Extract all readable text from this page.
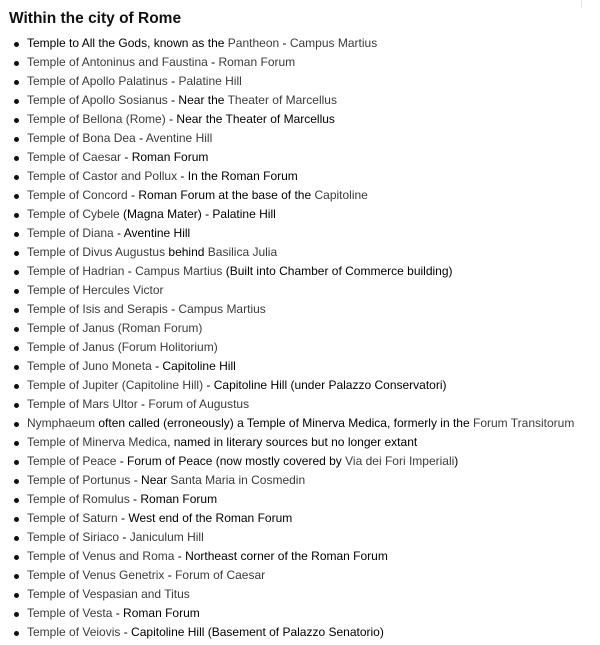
Within the city of Rome
Temple to All the Gods, known as the Pantheon - Campus Martius
Temple of Antoninus and Faustina - Roman Forum
Temple of Apollo Palatinus - Palatine Hill
Temple of Apollo Sosianus - Near the Theater of Marcellus
Temple of Bellona (Rome) - Near the Theater of Marcellus
Temple of Bona Dea - Aventine Hill
Temple of Caesar - Roman Forum
Temple of Castor and Pollux - In the Roman Forum
Temple of Concord - Roman Forum at the base of the Capitoline
Temple of Cybele (Magna Mater) - Palatine Hill
Temple of Diana - Aventine Hill
Temple of Divus Augustus behind Basilica Julia
Temple of Hadrian - Campus Martius (Built into Chamber of Commerce building)
Temple of Hercules Victor
Temple of Isis and Serapis - Campus Martius
Temple of Janus (Roman Forum)
Temple of Janus (Forum Holitorium)
Temple of Juno Moneta - Capitoline Hill
Temple of Jupiter (Capitoline Hill) - Capitoline Hill (under Palazzo Conservatori)
Temple of Mars Ultor - Forum of Augustus
Nymphaeum often called (erroneously) a Temple of Minerva Medica, formerly in the Forum Transitorum
Temple of Minerva Medica, named in literary sources but no longer extant
Temple of Peace - Forum of Peace (now mostly covered by Via dei Fori Imperiali)
Temple of Portunus - Near Santa Maria in Cosmedin
Temple of Romulus - Roman Forum
Temple of Saturn - West end of the Roman Forum
Temple of Siriaco - Janiculum Hill
Temple of Venus and Roma - Northeast corner of the Roman Forum
Temple of Venus Genetrix - Forum of Caesar
Temple of Vespasian and Titus
Temple of Vesta - Roman Forum
Temple of Veiovis - Capitoline Hill (Basement of Palazzo Senatorio)
